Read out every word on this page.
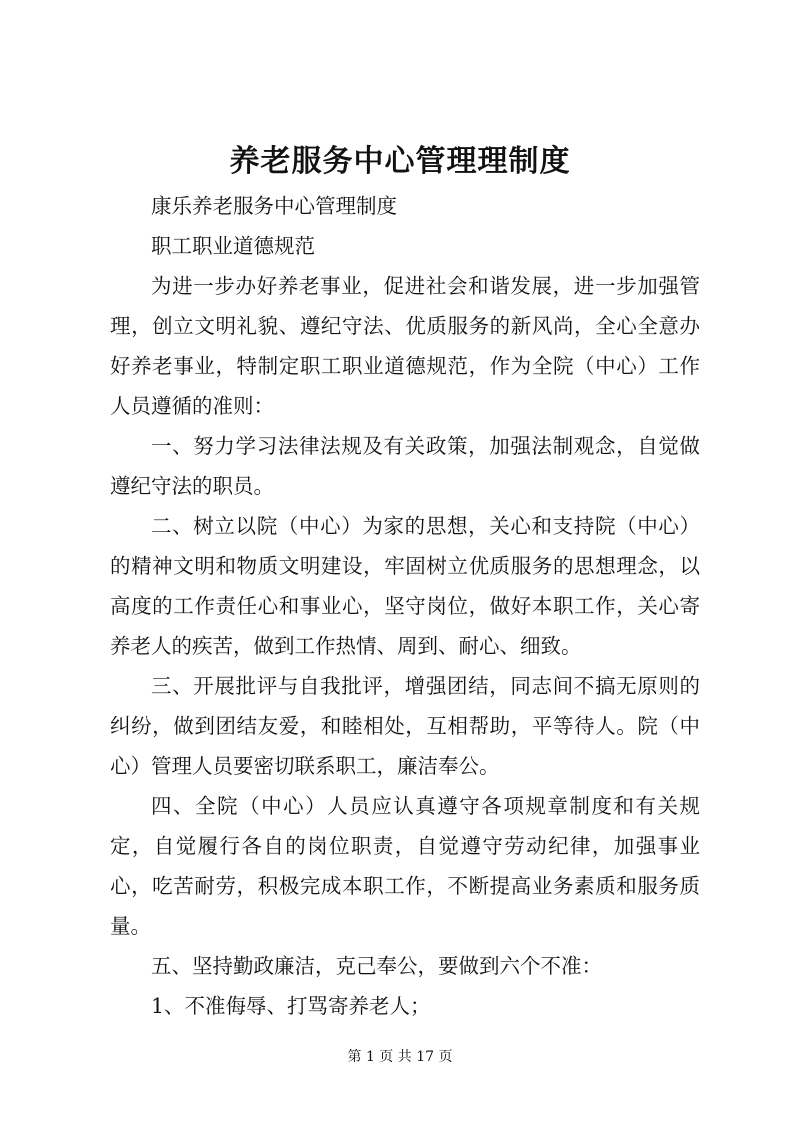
养老服务中心管理理制度

康乐养老服务中心管理制度

职工职业道德规范

为进一步办好养老事业，促进社会和谐发展，进一步加强管理，创立文明礼貌、遵纪守法、优质服务的新风尚，全心全意办好养老事业，特制定职工职业道德规范，作为全院（中心）工作人员遵循的准则：

一、努力学习法律法规及有关政策，加强法制观念，自觉做遵纪守法的职员。

二、树立以院（中心）为家的思想，关心和支持院（中心）的精神文明和物质文明建设，牢固树立优质服务的思想理念，以高度的工作责任心和事业心，坚守岗位，做好本职工作，关心寄养老人的疾苦，做到工作热情、周到、耐心、细致。

三、开展批评与自我批评，增强团结，同志间不搞无原则的纠纷，做到团结友爱，和睦相处，互相帮助，平等待人。院（中心）管理人员要密切联系职工，廉洁奉公。

四、全院（中心）人员应认真遵守各项规章制度和有关规定，自觉履行各自的岗位职责，自觉遵守劳动纪律，加强事业心，吃苦耐劳，积极完成本职工作，不断提高业务素质和服务质量。

五、坚持勤政廉洁，克己奉公，要做到六个不准：

1、不准侮辱、打骂寄养老人；

第 1 页 共 17 页
